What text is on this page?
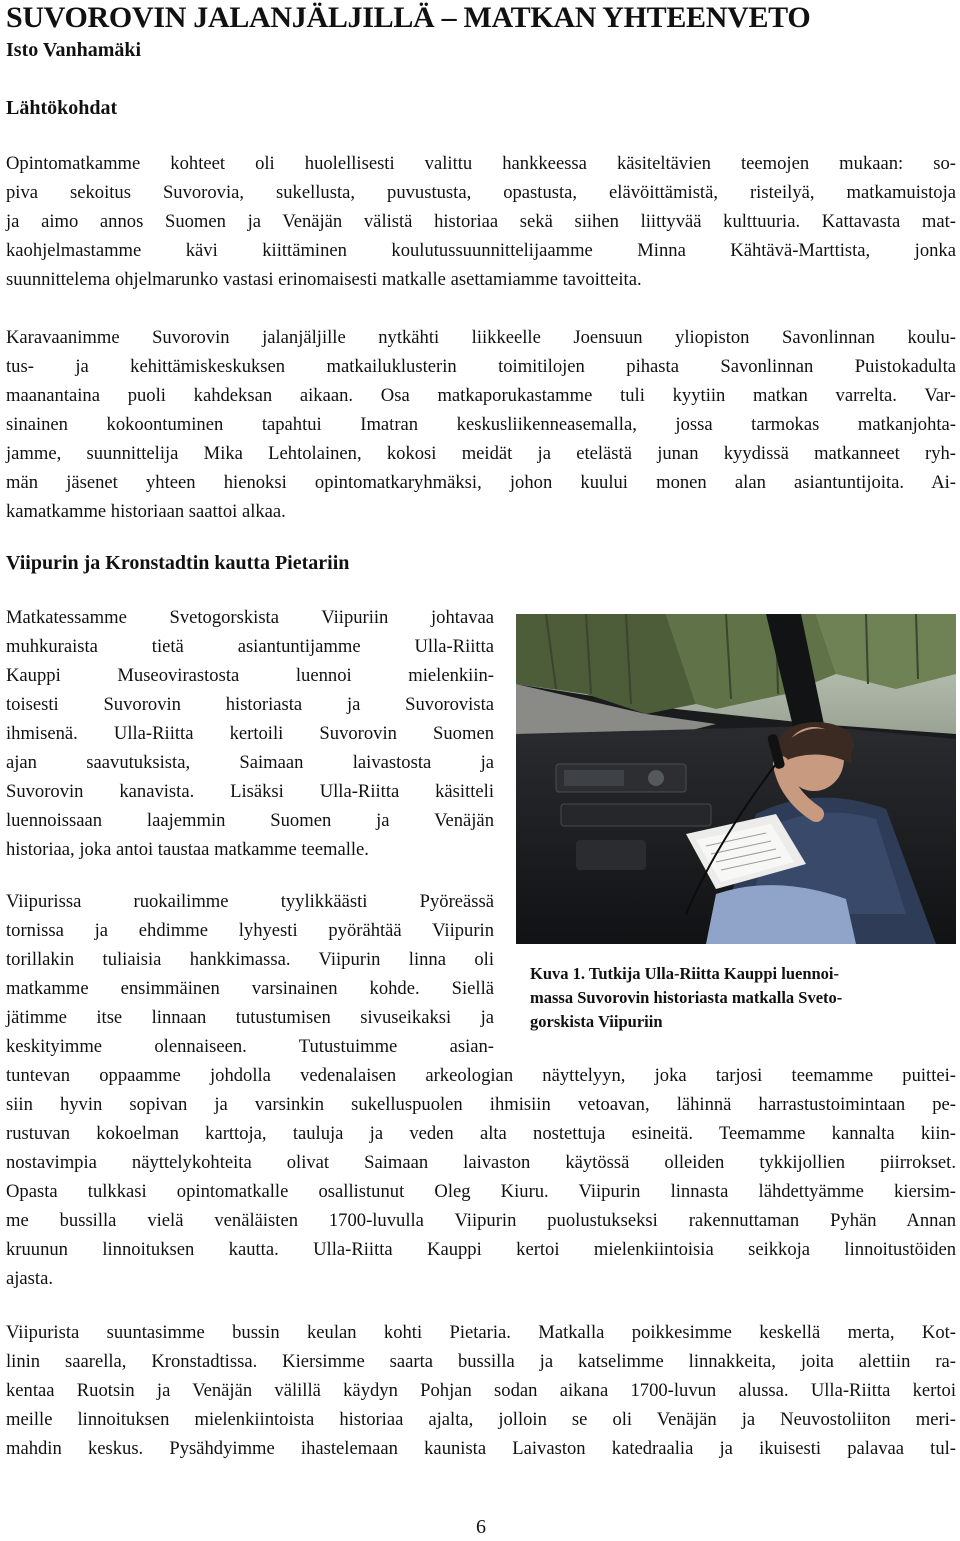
SUVOROVIN JALANJÄLJILLÄ – MATKAN YHTEENVETO
Isto Vanhamäki
Lähtökohdat
Opintomatkamme kohteet oli huolellisesti valittu hankkeessa käsiteltävien teemojen mukaan: so-
piva sekoitus Suvorovia, sukellusta, puvustusta, opastusta, elävöittämistä, risteilyä, matkamuistoja
ja aimo annos Suomen ja Venäjän välistä historiaa sekä siihen liittyvää kulttuuria. Kattavasta mat-
kaohjelmastamme kävi kiittäminen koulutussuunnittelijaamme Minna Kähtävä-Marttista, jonka
suunnittelema ohjelmarunko vastasi erinomaisesti matkalle asettamiamme tavoitteita.
Karavaanimme Suvorovin jalanjäljille nytkähti liikkeelle Joensuun yliopiston Savonlinnan koulu-
tus- ja kehittämiskeskuksen matkailuklusterin toimitilojen pihasta Savonlinnan Puistokadulta
maanantaina puoli kahdeksan aikaan. Osa matkaporukastamme tuli kyytiin matkan varrelta. Var-
sinainen kokoontuminen tapahtui Imatran keskusliikenneasemalla, jossa tarmokas matkanjohta-
jamme, suunnittelija Mika Lehtolainen, kokosi meidät ja etelästä junan kyydissä matkanneet ryh-
män jäsenet yhteen hienoksi opintomatkaryhmäksi, johon kuului monen alan asiantuntijoita. Ai-
kamatkamme historiaan saattoi alkaa.
Viipurin ja Kronstadtin kautta Pietariin
Matkatessamme Svetogorskista Viipuriin johtavaa
muhkuraista tietä asiantuntijamme Ulla-Riitta
Kauppi Museovirastosta luennoi mielenkiin-
toisesti Suvorovin historiasta ja Suvorovista
ihmisenä. Ulla-Riitta kertoili Suvorovin Suomen
ajan saavutuksista, Saimaan laivastosta ja
Suvorovin kanavista. Lisäksi Ulla-Riitta käsitteli
luennoissaan laajemmin Suomen ja Venäjän
historiaa, joka antoi taustaa matkamme teemalle.
Viipurissa ruokailimme tyylikkäästi Pyöreässä
tornissa ja ehdimme lyhyesti pyörähtää Viipurin
torillakin tuliaisia hankkimassa. Viipurin linna oli
matkamme ensimmäinen varsinainen kohde. Siellä
jätimme itse linnaan tutustumisen sivuseikaksi ja
keskityimme olennaiseen. Tutustuimme asian-
tuntevan oppaamme johdolla vedenalaisen arkeologian näyttelyyn, joka tarjosi teemamme puittei-
siin hyvin sopivan ja varsinkin sukelluspuolen ihmisiin vetoavan, lähinnä harrastustoimintaan pe-
rustuvan kokoelman karttoja, tauluja ja veden alta nostettuja esineitä. Teemamme kannalta kiin-
nostavimpia näyttelykohteita olivat Saimaan laivaston käytössä olleiden tykkijollien piirrokset.
Opasta tulkkasi opintomatkalle osallistunut Oleg Kiuru. Viipurin linnasta lähdettyämme kiersim-
me bussilla vielä venäläisten 1700-luvulla Viipurin puolustukseksi rakennuttaman Pyhän Annan
kruunun linnoituksen kautta. Ulla-Riitta Kauppi kertoi mielenkiintoisia seikkoja linnoitustöiden
ajasta.
Viipurista suuntasimme bussin keulan kohti Pietaria. Matkalla poikkesimme keskellä merta, Kot-
linin saarella, Kronstadtissa. Kiersimme saarta bussilla ja katselimme linnakkeita, joita alettiin ra-
kentaa Ruotsin ja Venäjän välillä käydyn Pohjan sodan aikana 1700-luvun alussa. Ulla-Riitta kertoi
meille linnoituksen mielenkiintoista historiaa ajalta, jolloin se oli Venäjän ja Neuvostoliiton meri-
mahdin keskus. Pysähdyimme ihastelemaan kaunista Laivaston katedraalia ja ikuisesti palavaa tul-
Kuva 1. Tutkija Ulla-Riitta Kauppi luennoi-
massa Suvorovin historiasta matkalla Sveto-
gorskista Viipuriin
6
